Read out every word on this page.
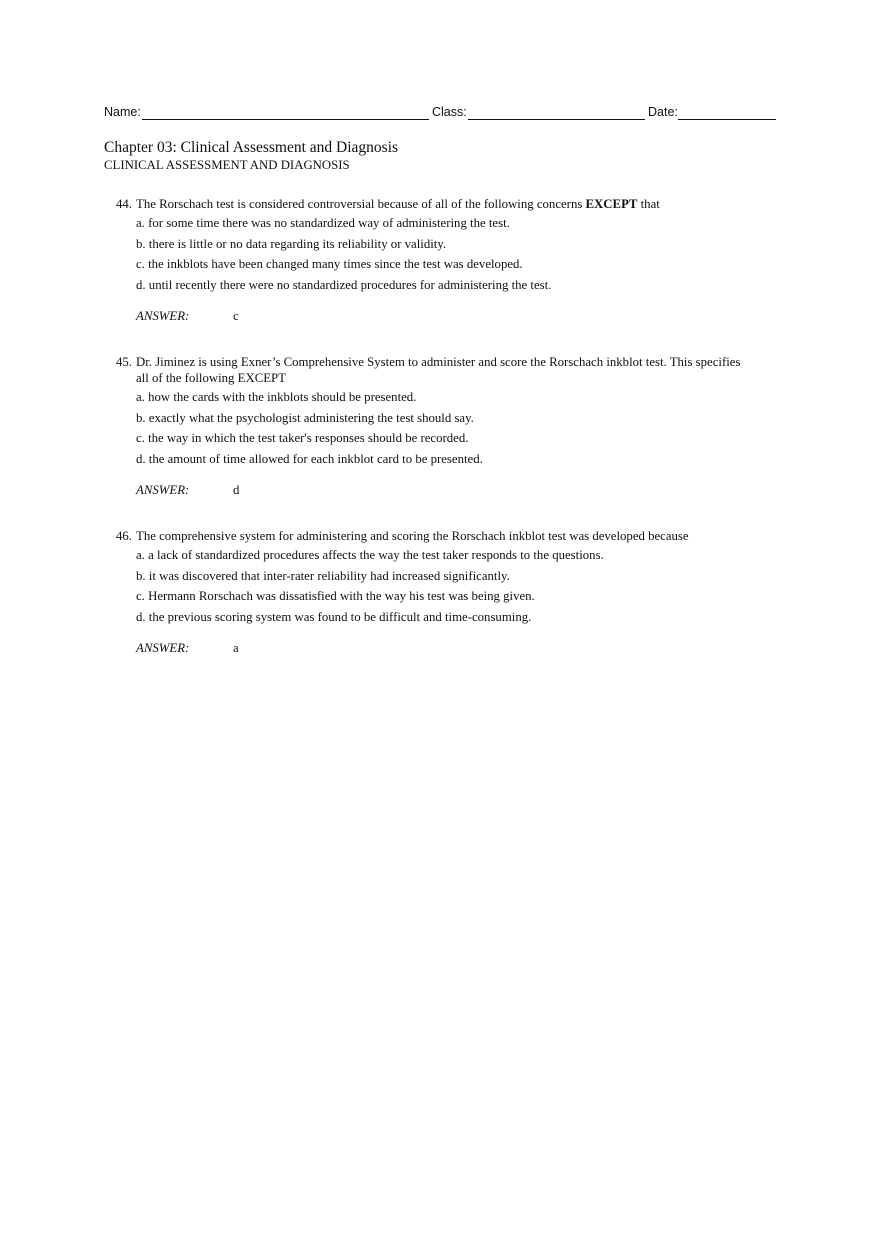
Name:	Class:	Date:
Chapter 03: Clinical Assessment and Diagnosis
CLINICAL ASSESSMENT AND DIAGNOSIS
44. The Rorschach test is considered controversial because of all of the following concerns EXCEPT that
a. for some time there was no standardized way of administering the test.
b. there is little or no data regarding its reliability or validity.
c. the inkblots have been changed many times since the test was developed.
d. until recently there were no standardized procedures for administering the test.
ANSWER:	c
45. Dr. Jiminez is using Exner’s Comprehensive System to administer and score the Rorschach inkblot test. This specifies all of the following EXCEPT
a. how the cards with the inkblots should be presented.
b. exactly what the psychologist administering the test should say.
c. the way in which the test taker's responses should be recorded.
d. the amount of time allowed for each inkblot card to be presented.
ANSWER:	d
46. The comprehensive system for administering and scoring the Rorschach inkblot test was developed because
a. a lack of standardized procedures affects the way the test taker responds to the questions.
b. it was discovered that inter-rater reliability had increased significantly.
c. Hermann Rorschach was dissatisfied with the way his test was being given.
d. the previous scoring system was found to be difficult and time-consuming.
ANSWER:	a
